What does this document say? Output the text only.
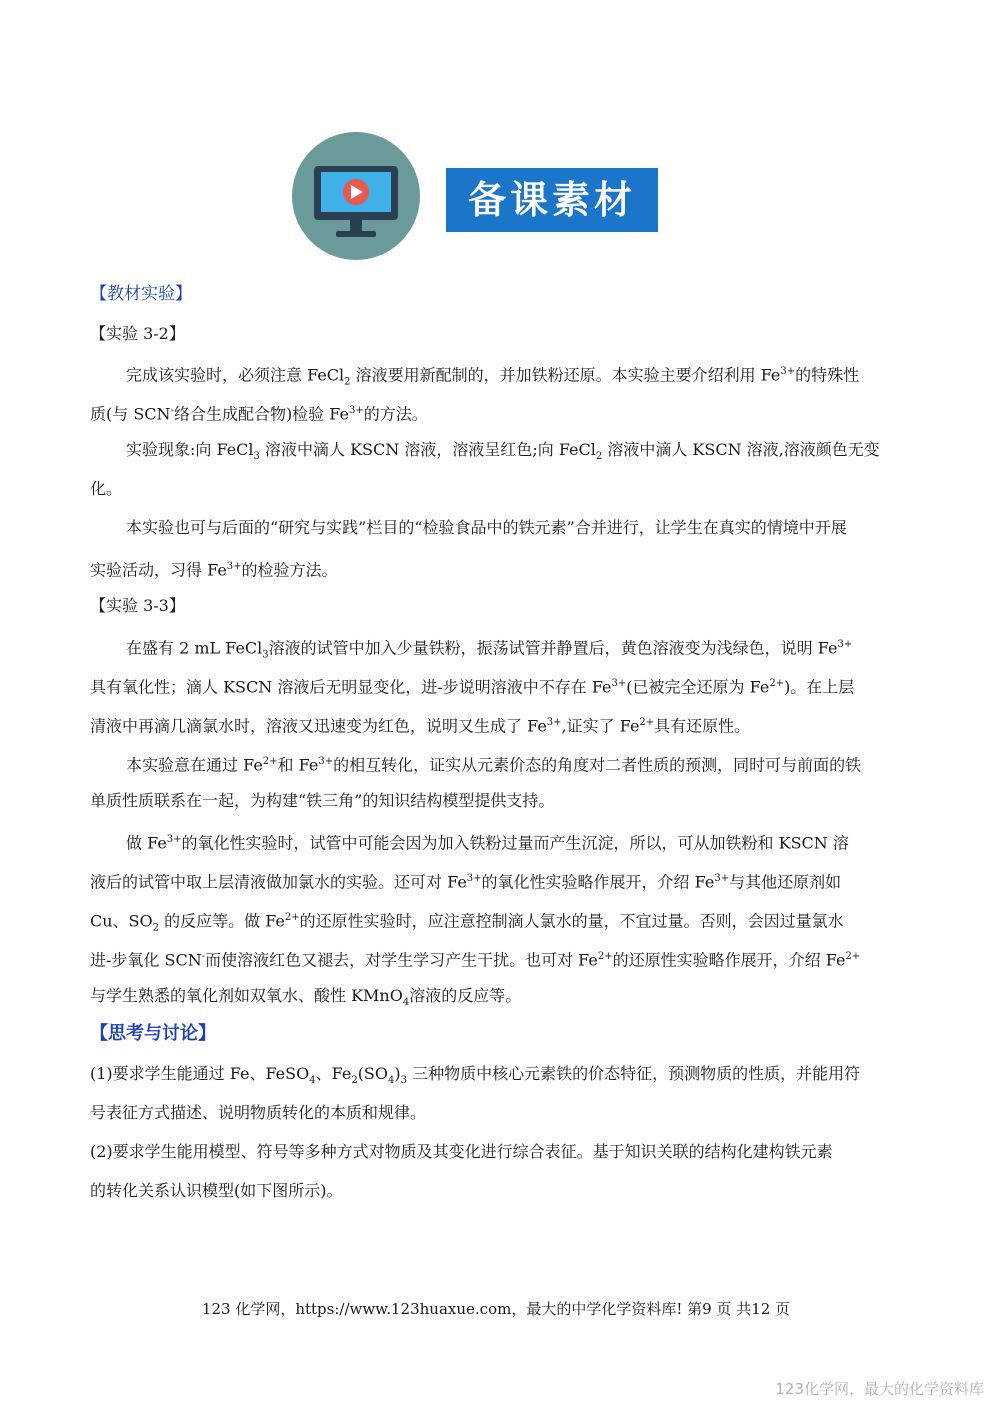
备课素材
【教材实验】
【实验 3-2】
完成该实验时，必须注意 FeCl$_2$ 溶液要用新配制的，并加铁粉还原。本实验主要介绍利用 $Fe^{3+}$的特殊性
质(与 SCN-络合生成配合物)检验 $Fe^{3+}$的方法。
实验现象:向 FeCl$_3$ 溶液中滴人 KSCN 溶液，溶液呈红色;向 FeCl$_2$ 溶液中滴人 KSCN 溶液,溶液颜色无变
化。
本实验也可与后面的“研究与实践”栏目的“检验食品中的铁元素”合并进行，让学生在真实的情境中开展
实验活动，习得 $Fe^{3+}$的检验方法。
【实验 3-3】
在盛有 2 mL FeCl$_3$溶液的试管中加入少量铁粉，振荡试管并静置后，黄色溶液变为浅绿色，说明 $Fe^{3+}$
具有氧化性；滴人 KSCN 溶液后无明显变化，进-步说明溶液中不存在 $Fe^{3+}$(已被完全还原为 $Fe^{2+}$)。在上层
清液中再滴几滴氯水时，溶液又迅速变为红色，说明又生成了 $Fe^{3+}$,证实了 $Fe^{2+}$具有还原性。
本实验意在通过 $Fe^{2+}$和 $Fe^{3+}$的相互转化，证实从元素价态的角度对二者性质的预测，同时可与前面的铁
单质性质联系在一起，为构建“铁三角”的知识结构模型提供支持。
做 $Fe^{3+}$的氧化性实验时，试管中可能会因为加入铁粉过量而产生沉淀，所以，可从加铁粉和 KSCN 溶
液后的试管中取上层清液做加氯水的实验。还可对 $Fe^{3+}$的氧化性实验略作展开，介绍 $Fe^{3+}$与其他还原剂如
Cu、$SO_2$ 的反应等。做 $Fe^{2+}$的还原性实验时，应注意控制滴人氯水的量，不宜过量。否则，会因过量氯水
进-步氧化 SCN-而使溶液红色又褪去，对学生学习产生干扰。也可对 $Fe^{2+}$的还原性实验略作展开，介绍 $Fe^{2+}$
与学生熟悉的氧化剂如双氧水、酸性 KMnO$_4$溶液的反应等。
【思考与讨论】
(1)要求学生能通过 Fe、FeSO$_4$、$Fe_2(SO_4)_3$ 三种物质中核心元素铁的价态特征，预测物质的性质，并能用符
号表征方式描述、说明物质转化的本质和规律。
(2)要求学生能用模型、符号等多种方式对物质及其变化进行综合表征。基于知识关联的结构化建构铁元素
的转化关系认识模型(如下图所示)。
123 化学网，https://www.123huaxue.com，最大的中学化学资料库! 第9 页 共12 页
123化学网，最大的化学资料库
